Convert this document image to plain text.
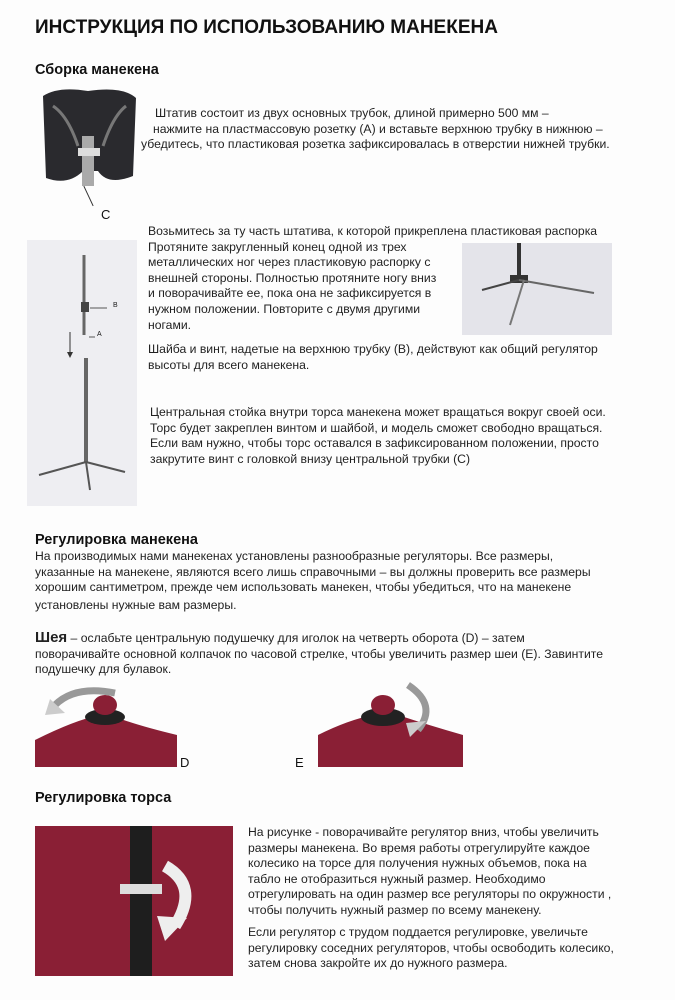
ИНСТРУКЦИЯ ПО ИСПОЛЬЗОВАНИЮ МАНЕКЕНА
Сборка манекена
C
Штатив состоит из двух основных трубок, длиной примерно 500 мм –
нажмите на пластмассовую розетку (А) и вставьте верхнюю трубку в нижнюю –
убедитесь, что пластиковая розетка зафиксировалась в отверстии нижней трубки.
B
A
Возьмитесь за ту часть штатива, к которой прикреплена пластиковая распорка
Протяните закругленный конец одной из трех
металлических ног через пластиковую распорку с
внешней стороны. Полностью протяните ногу вниз
и поворачивайте ее, пока она не зафиксируется в
нужном положении. Повторите с двумя другими
ногами.
Шайба и винт, надетые на верхнюю трубку (В), действуют как общий регулятор
высоты для всего манекена.
Центральная стойка внутри торса манекена может вращаться вокруг своей оси.
Торс будет закреплен винтом и шайбой, и модель сможет свободно вращаться.
Если вам нужно, чтобы торс оставался в зафиксированном положении, просто
закрутите винт с головкой внизу центральной трубки (С)
Регулировка манекена
На производимых нами манекенах установлены разнообразные регуляторы. Все размеры,
указанные на манекене, являются всего лишь справочными – вы должны проверить все размеры
хорошим сантиметром, прежде чем использовать манекен, чтобы убедиться, что на манекене
установлены нужные вам размеры.
Шея – ослабьте центральную подушечку для иголок на четверть оборота (D) – затем
поворачивайте основной колпачок по часовой стрелке, чтобы увеличить размер шеи (E). Завинтите
подушечку для булавок.
D	E
Регулировка торса
На рисунке - поворачивайте регулятор вниз, чтобы увеличить
размеры манекена. Во время работы отрегулируйте каждое
колесико на торсе для получения нужных объемов, пока на
табло не отобразиться нужный размер. Необходимо
отрегулировать на один размер все регуляторы по окружности ,
чтобы получить нужный размер по всему манекену.
Если регулятор с трудом поддается регулировке, увеличьте
регулировку соседних регуляторов, чтобы освободить колесико,
затем снова закройте их до нужного размера.
